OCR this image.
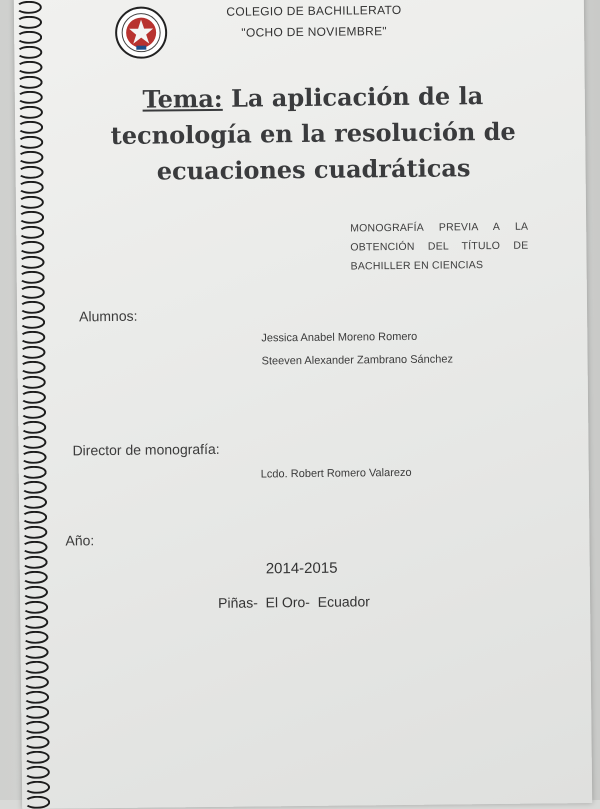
COLEGIO DE BACHILLERATO
"OCHO DE NOVIEMBRE"
Tema: La aplicación de la
tecnología en la resolución de
ecuaciones cuadráticas
MONOGRAFÍA PREVIA A LA
OBTENCIÓN DEL TÍTULO DE
BACHILLER EN CIENCIAS
Alumnos:
Jessica Anabel Moreno Romero
Steeven Alexander Zambrano Sánchez
Director de monografía:
Lcdo. Robert Romero Valarezo
Año:
2014-2015
Piñas-  El Oro-  Ecuador
